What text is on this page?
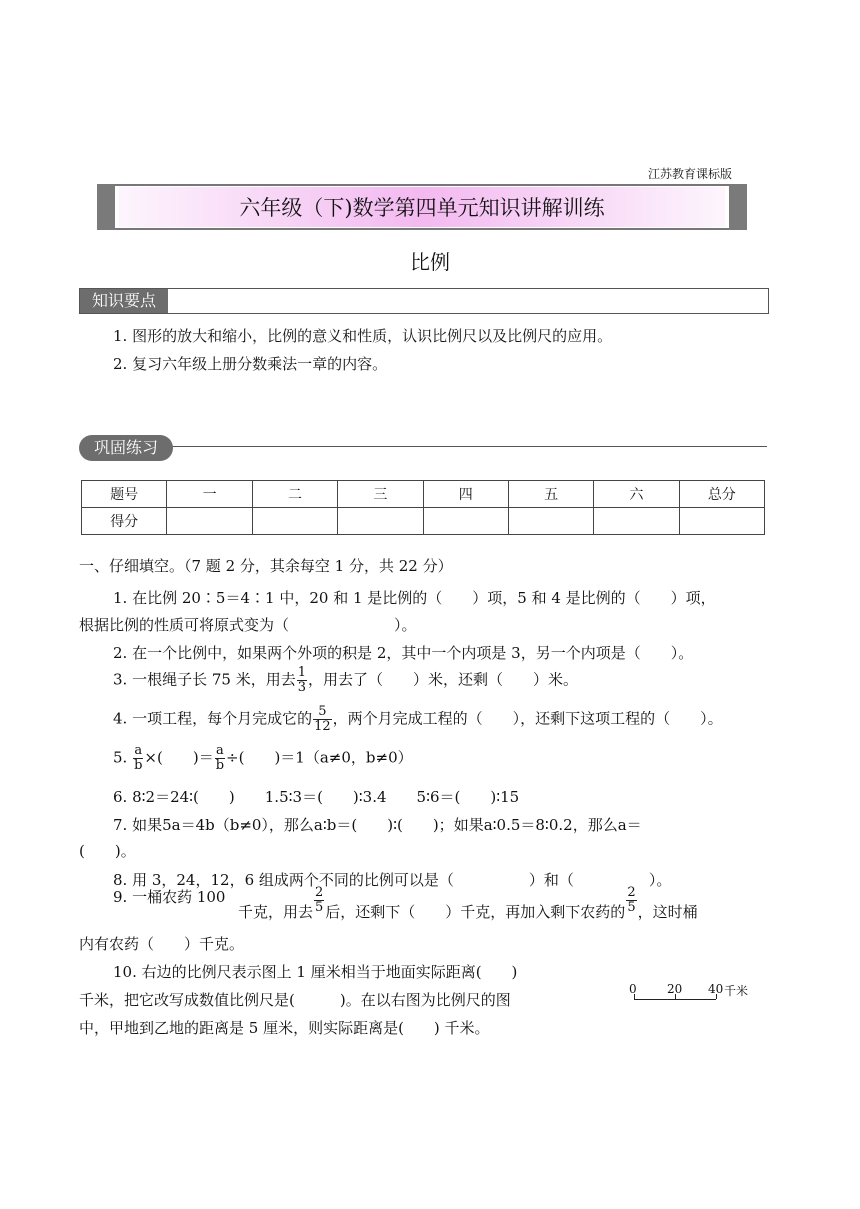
江苏教育课标版
六年级（下)数学第四单元知识讲解训练
比例
知识要点
1. 图形的放大和缩小，比例的意义和性质，认识比例尺以及比例尺的应用。
2. 复习六年级上册分数乘法一章的内容。
巩固练习
题号	一	二	三	四	五	六	总分
得分							
一、仔细填空。（7 题 2 分，其余每空 1 分，共 22 分）
1. 在比例 20∶5＝4∶1 中，20 和 1 是比例的（　　）项，5 和 4 是比例的（　　）项，
根据比例的性质可将原式变为（　　　　　　　）。
2. 在一个比例中，如果两个外项的积是 2，其中一个内项是 3，另一个内项是（　　）。
3. 一根绳子长 75 米，用去 $\frac{1}{3}$ ，用去了（　　）米，还剩（　　）米。
4. 一项工程，每个月完成它的 $\frac{5}{12}$ ，两个月完成工程的（　　），还剩下这项工程的（　　）。
5. $\frac{a}{b}$ ×(　　)＝ $\frac{a}{b}$ ÷(　　)＝1（a≠0，b≠0）
6. 8∶2＝24∶(　　)　　1.5∶3＝(　　)∶3.4　　5∶6＝(　　)∶15
7. 如果5a＝4b（b≠0），那么a∶b＝(　　)∶(　　)；如果a∶0.5＝8∶0.2，那么a＝
(　　)。
8. 用 3，24，12，6 组成两个不同的比例可以是（　　　　　）和（　　　　　）。
9. 一桶农药 100
千克，用去 $\frac{2}{5}$ 后，还剩下（　　）千克，再加入剩下农药的 $\frac{2}{5}$ ，这时桶
内有农药（　　）千克。
10. 右边的比例尺表示图上 1 厘米相当于地面实际距离(　　)
千米，把它改写成数值比例尺是(　　　)。在以右图为比例尺的图
中，甲地到乙地的距离是 5 厘米，则实际距离是(　　) 千米。
0	20 40 千米
